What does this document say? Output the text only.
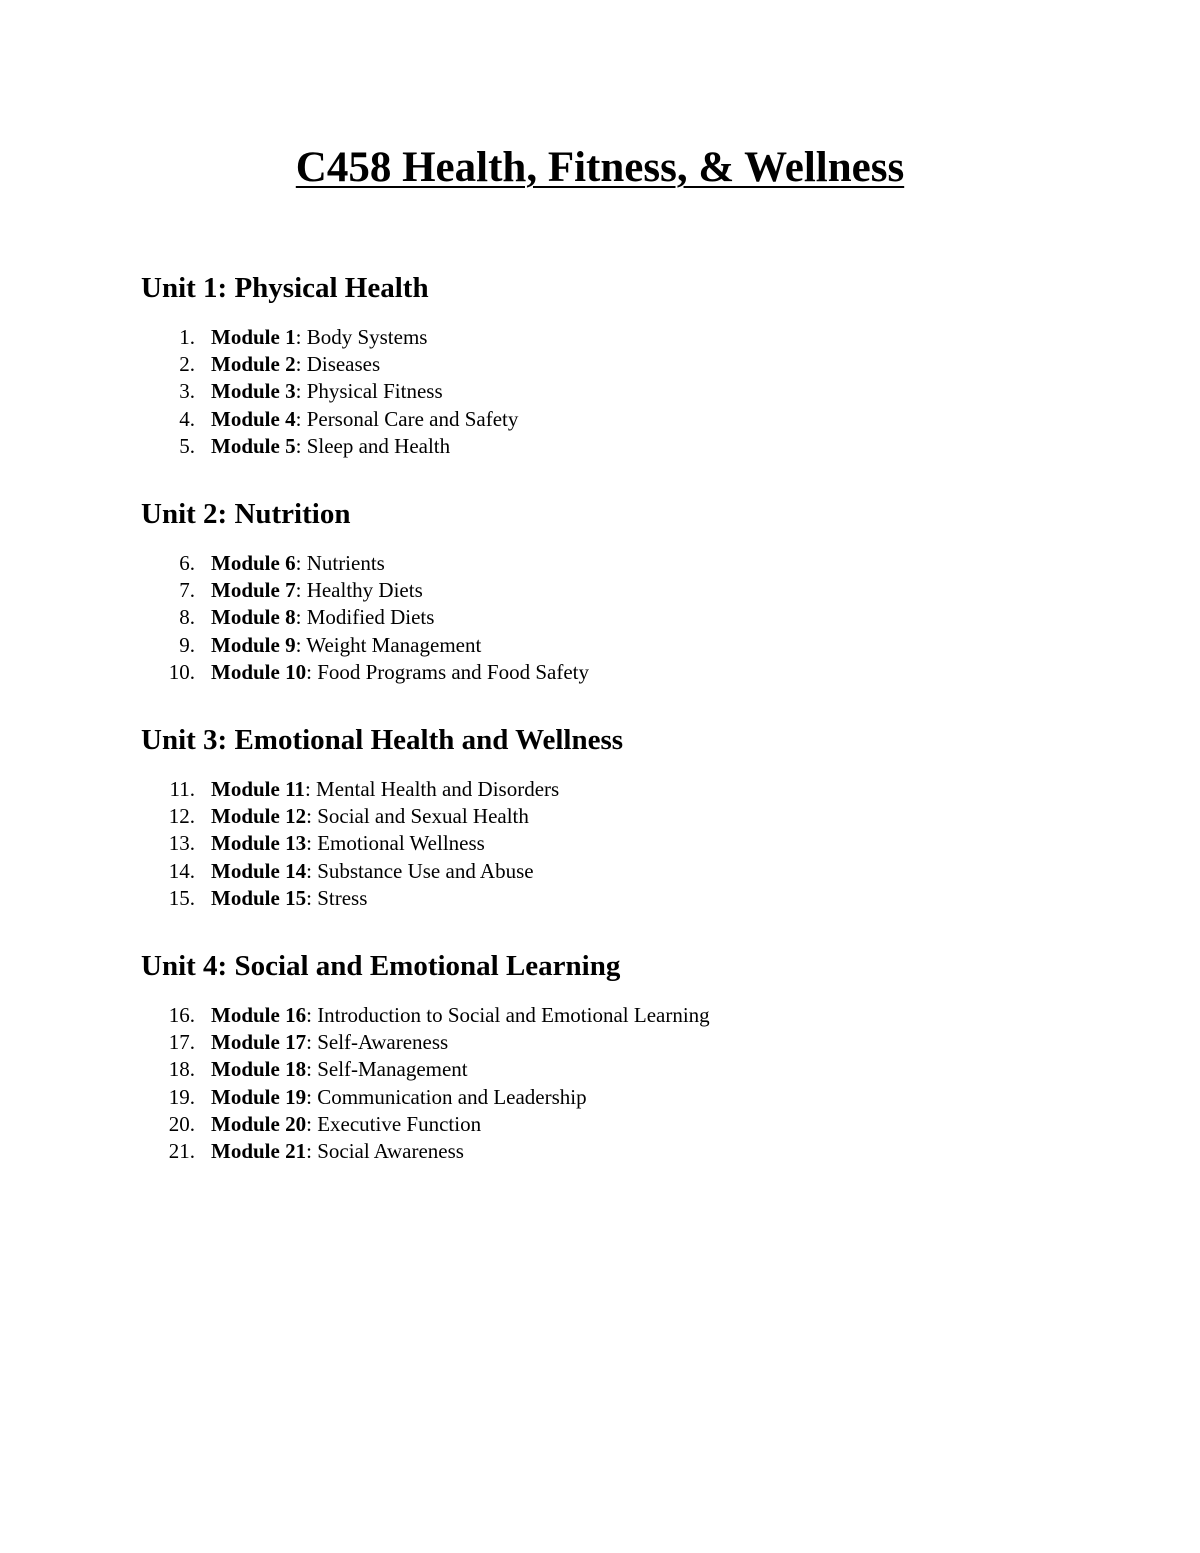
C458 Health, Fitness, & Wellness
Unit 1: Physical Health
1. Module 1: Body Systems
2. Module 2: Diseases
3. Module 3: Physical Fitness
4. Module 4: Personal Care and Safety
5. Module 5: Sleep and Health
Unit 2: Nutrition
6. Module 6: Nutrients
7. Module 7: Healthy Diets
8. Module 8: Modified Diets
9. Module 9: Weight Management
10. Module 10: Food Programs and Food Safety
Unit 3: Emotional Health and Wellness
11. Module 11: Mental Health and Disorders
12. Module 12: Social and Sexual Health
13. Module 13: Emotional Wellness
14. Module 14: Substance Use and Abuse
15. Module 15: Stress
Unit 4: Social and Emotional Learning
16. Module 16: Introduction to Social and Emotional Learning
17. Module 17: Self-Awareness
18. Module 18: Self-Management
19. Module 19: Communication and Leadership
20. Module 20: Executive Function
21. Module 21: Social Awareness
